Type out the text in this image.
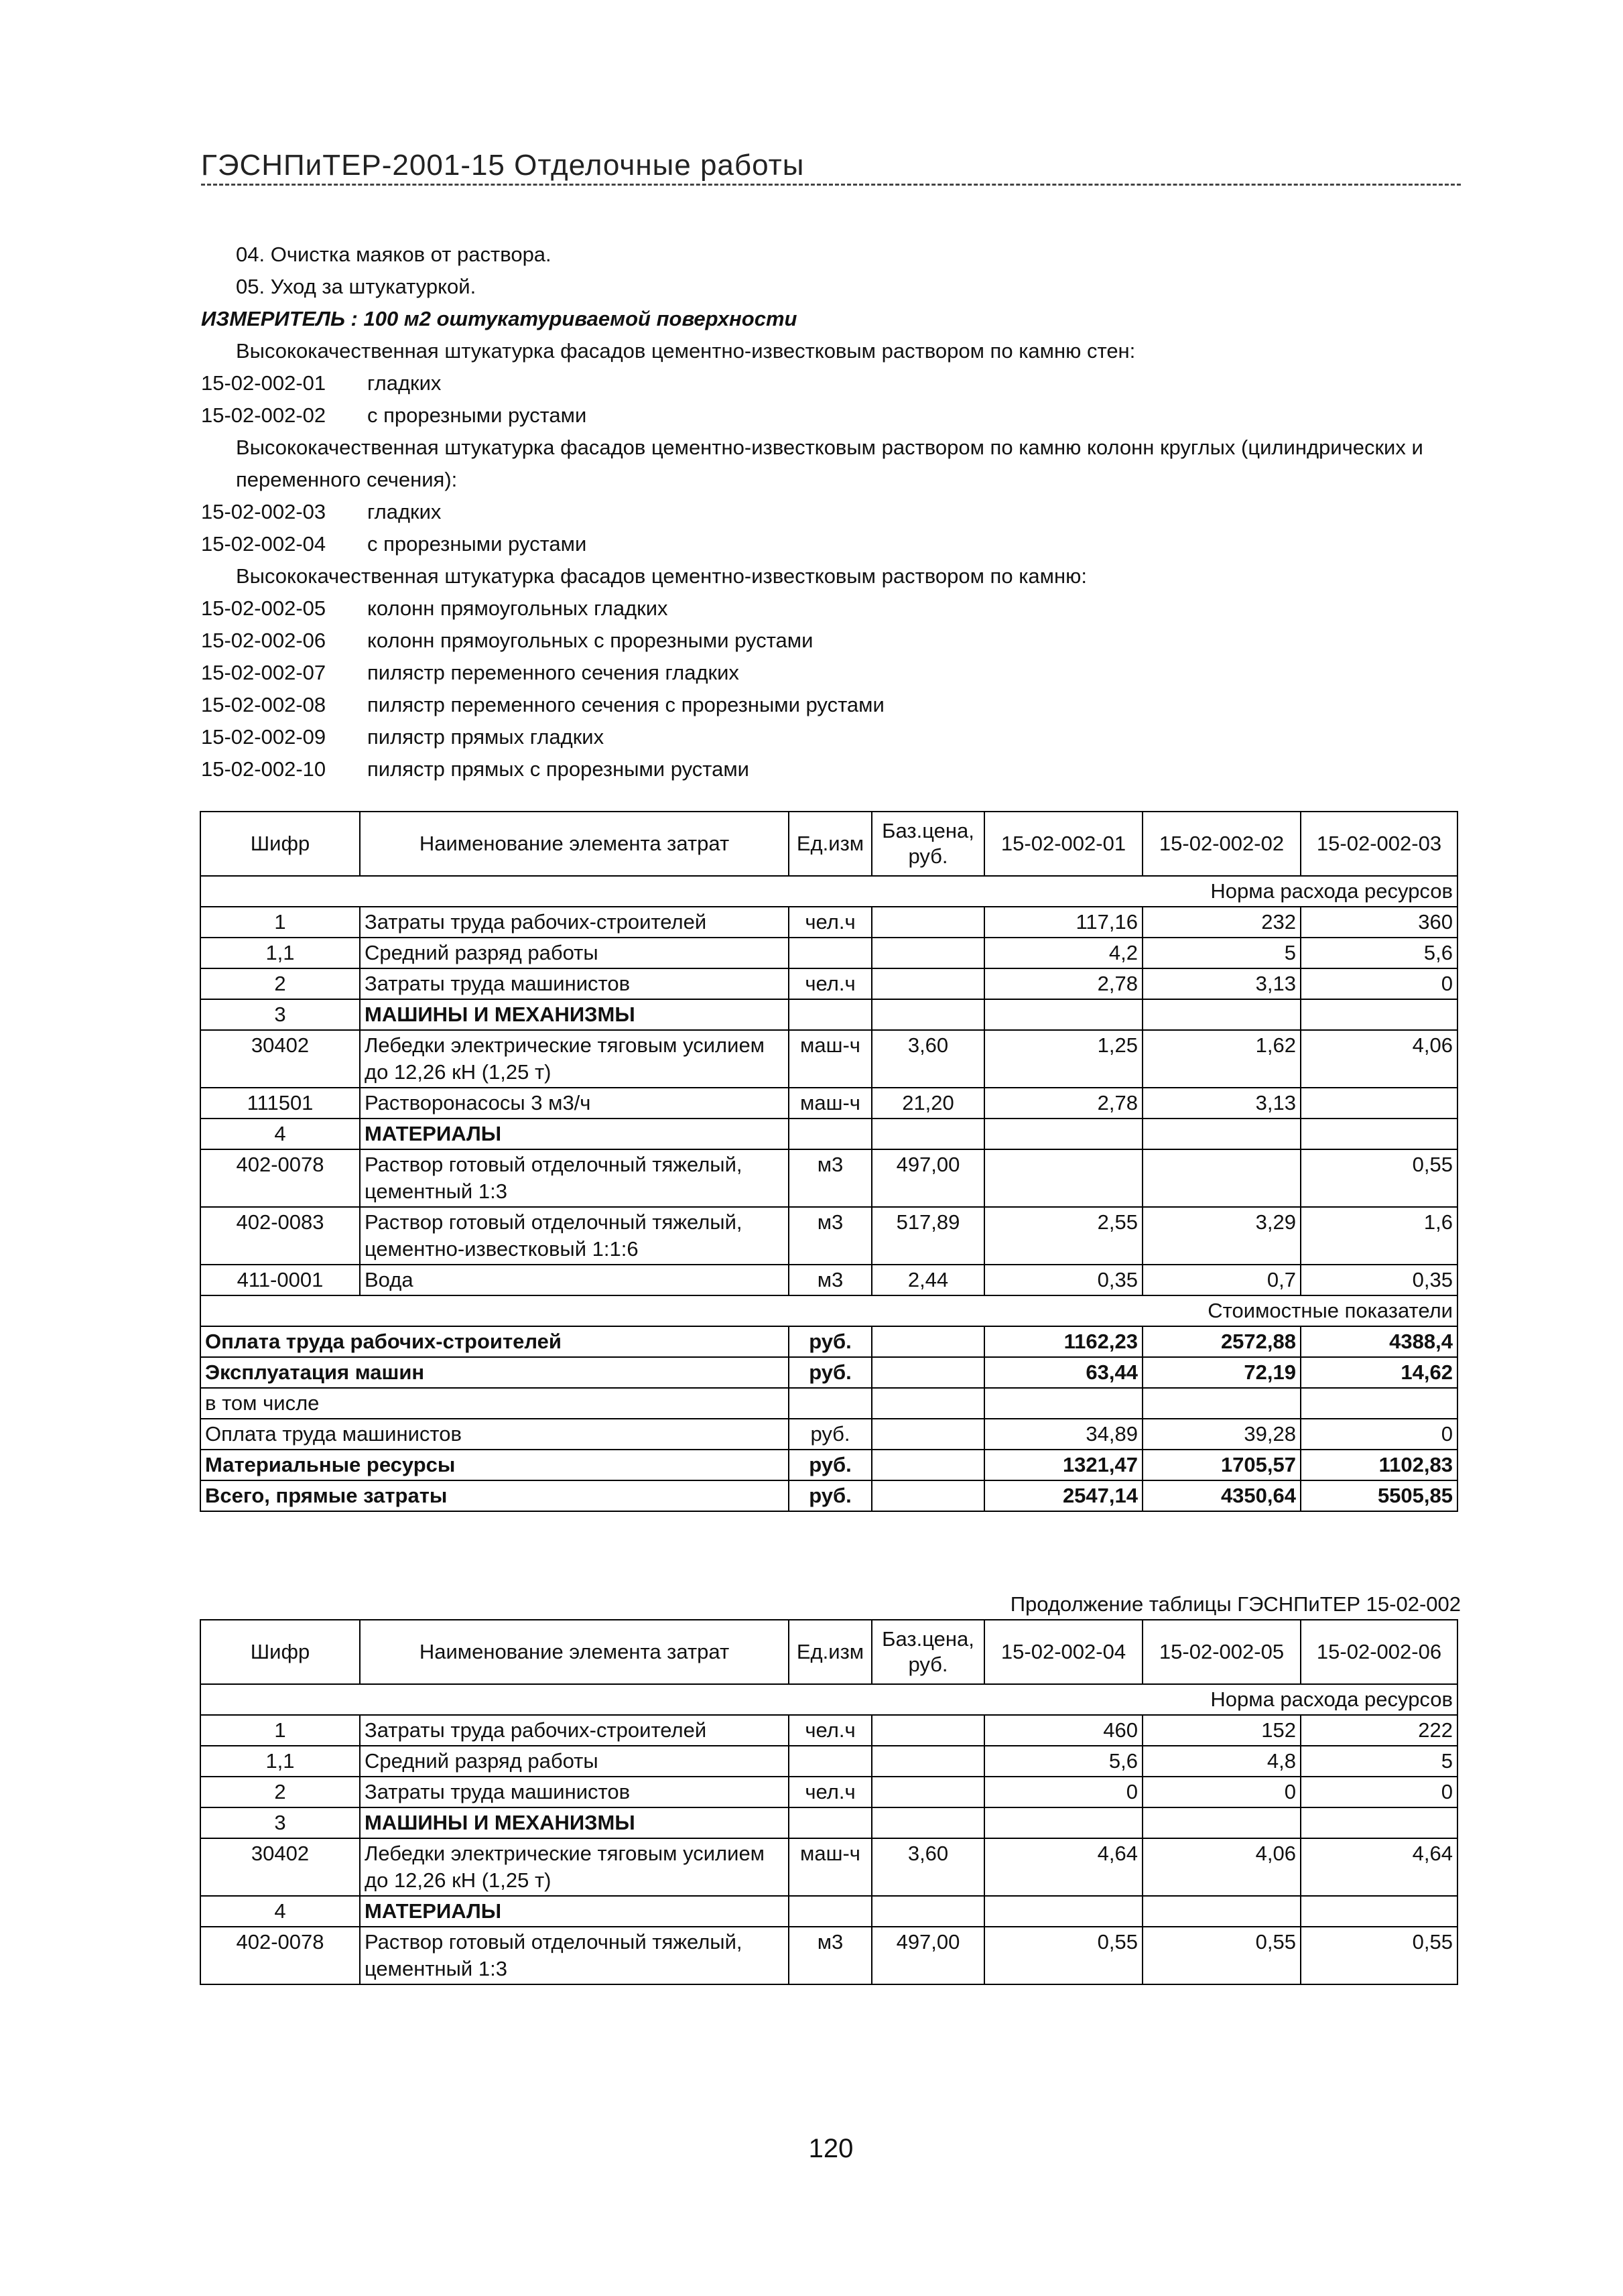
ГЭСНПиТЕР-2001-15 Отделочные работы
04. Очистка маяков от раствора.
05. Уход за штукатуркой.
ИЗМЕРИТЕЛЬ : 100 м2 оштукатуриваемой поверхности
Высококачественная штукатурка фасадов цементно-известковым раствором по камню стен:
15-02-002-01	гладких
15-02-002-02	с прорезными рустами
Высококачественная штукатурка фасадов цементно-известковым раствором по камню колонн круглых (цилиндрических и переменного сечения):
15-02-002-03	гладких
15-02-002-04	с прорезными рустами
Высококачественная штукатурка фасадов цементно-известковым раствором по камню:
15-02-002-05	колонн прямоугольных гладких
15-02-002-06	колонн прямоугольных с прорезными рустами
15-02-002-07	пилястр переменного сечения гладких
15-02-002-08	пилястр переменного сечения с прорезными рустами
15-02-002-09	пилястр прямых гладких
15-02-002-10	пилястр прямых с прорезными рустами
Шифр	Наименование элемента затрат	Ед.изм	Баз.цена, руб.	15-02-002-01	15-02-002-02	15-02-002-03
Норма расхода ресурсов						
1	Затраты труда рабочих-строителей	чел.ч		117,16	232	360
1,1	Средний разряд работы			4,2	5	5,6
2	Затраты труда машинистов	чел.ч		2,78	3,13	0
3	МАШИНЫ И МЕХАНИЗМЫ					
30402	Лебедки электрические тяговым усилием до 12,26 кН (1,25 т)	маш-ч	3,60	1,25	1,62	4,06
111501	Растворонасосы 3 м3/ч	маш-ч	21,20	2,78	3,13	
4	МАТЕРИАЛЫ					
402-0078	Раствор готовый отделочный тяжелый, цементный 1:3	м3	497,00			0,55
402-0083	Раствор готовый отделочный тяжелый, цементно-известковый 1:1:6	м3	517,89	2,55	3,29	1,6
411-0001	Вода	м3	2,44	0,35	0,7	0,35
Стоимостные показатели						
Оплата труда рабочих-строителей		руб.		1162,23	2572,88	4388,4
Эксплуатация машин		руб.		63,44	72,19	14,62
в том числе						
Оплата труда машинистов		руб.		34,89	39,28	0
Материальные ресурсы		руб.		1321,47	1705,57	1102,83
Всего, прямые затраты		руб.		2547,14	4350,64	5505,85
Продолжение таблицы ГЭСНПиТЕР 15-02-002
Шифр	Наименование элемента затрат	Ед.изм	Баз.цена, руб.	15-02-002-04	15-02-002-05	15-02-002-06
Норма расхода ресурсов						
1	Затраты труда рабочих-строителей	чел.ч		460	152	222
1,1	Средний разряд работы			5,6	4,8	5
2	Затраты труда машинистов	чел.ч		0	0	0
3	МАШИНЫ И МЕХАНИЗМЫ					
30402	Лебедки электрические тяговым усилием до 12,26 кН (1,25 т)	маш-ч	3,60	4,64	4,06	4,64
4	МАТЕРИАЛЫ					
402-0078	Раствор готовый отделочный тяжелый, цементный 1:3	м3	497,00	0,55	0,55	0,55
120
